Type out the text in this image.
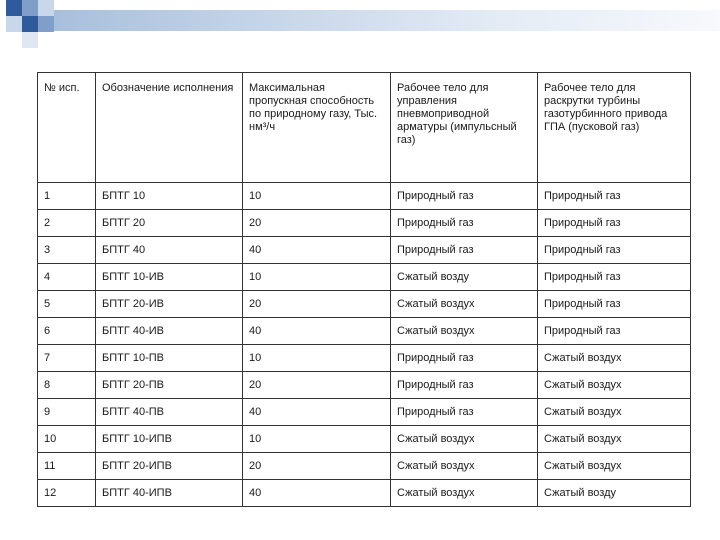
№ исп.	Обозначение исполнения	Максимальная пропускная способность по природному газу, Тыс. нм³/ч	Рабочее тело для управления пневмоприводной арматуры (импульсный газ)	Рабочее тело для раскрутки турбины газотурбинного привода ГПА (пусковой газ)
1	БПТГ 10	10	Природный газ	Природный газ
2	БПТГ 20	20	Природный газ	Природный газ
3	БПТГ 40	40	Природный газ	Природный газ
4	БПТГ 10-ИВ	10	Сжатый возду	Природный газ
5	БПТГ 20-ИВ	20	Сжатый воздух	Природный газ
6	БПТГ 40-ИВ	40	Сжатый воздух	Природный газ
7	БПТГ 10-ПВ	10	Природный газ	Сжатый воздух
8	БПТГ 20-ПВ	20	Природный газ	Сжатый воздух
9	БПТГ 40-ПВ	40	Природный газ	Сжатый воздух
10	БПТГ 10-ИПВ	10	Сжатый воздух	Сжатый воздух
11	БПТГ 20-ИПВ	20	Сжатый воздух	Сжатый воздух
12	БПТГ 40-ИПВ	40	Сжатый воздух	Сжатый возду
